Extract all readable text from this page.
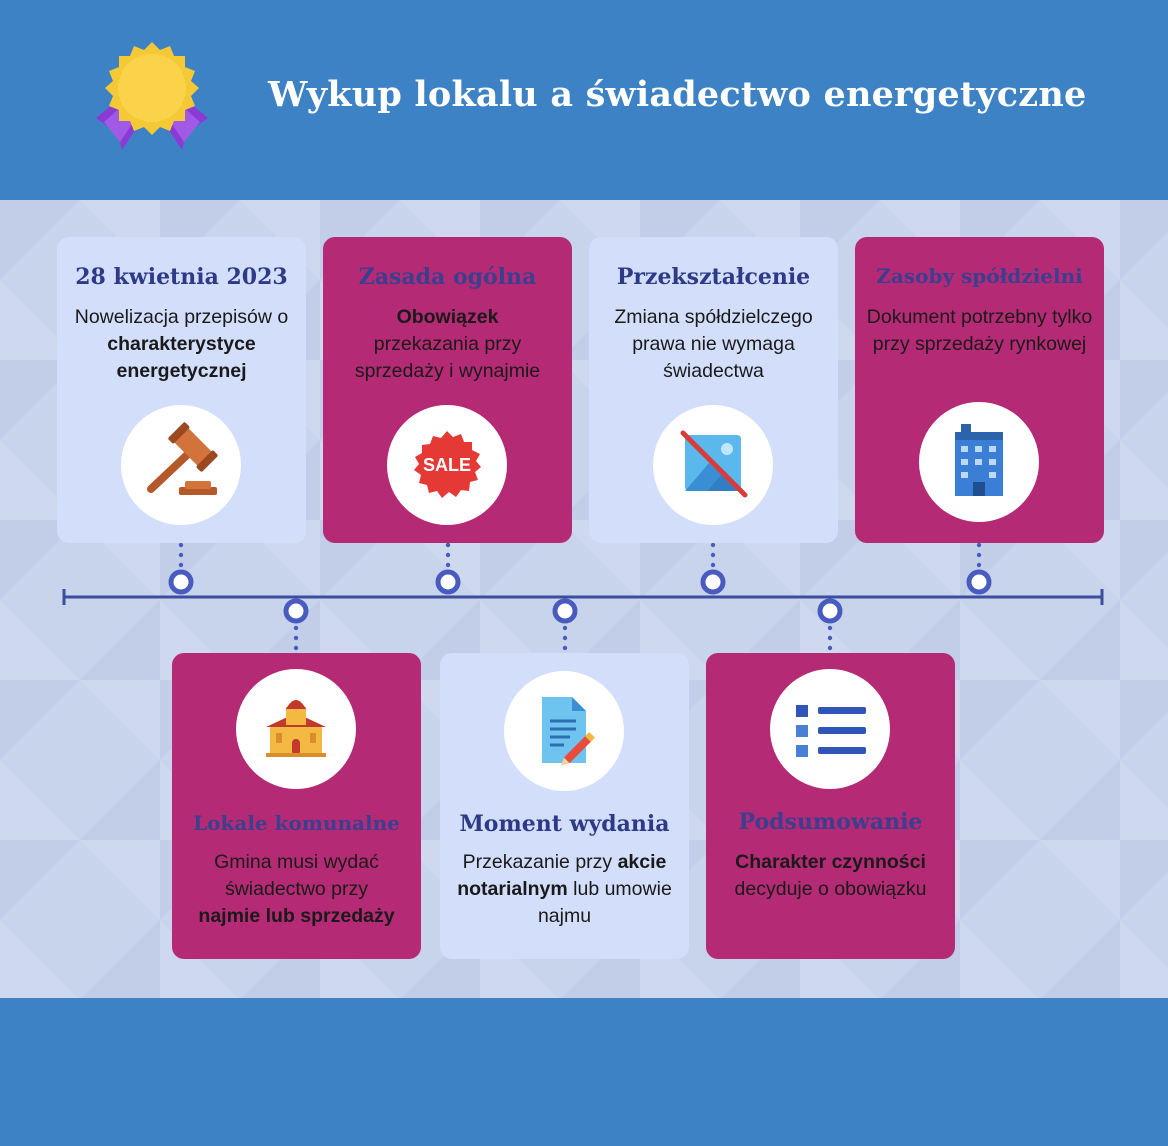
Wykup lokalu a świadectwo energetyczne
28 kwietnia 2023
Nowelizacja przepisów o charakterystyce energetycznej
Zasada ogólna
Obowiązek
przekazania przy sprzedaży i wynajmie
SALE
Przekształcenie
Zmiana spółdzielczego prawa nie wymaga świadectwa
Zasoby spółdzielni
Dokument potrzebny tylko przy sprzedaży rynkowej
Lokale komunalne
Gmina musi wydać świadectwo przy
najmie lub sprzedaży
Moment wydania
Przekazanie przy akcie notarialnym lub umowie najmu
Podsumowanie
Charakter czynności
decyduje o obowiązku
